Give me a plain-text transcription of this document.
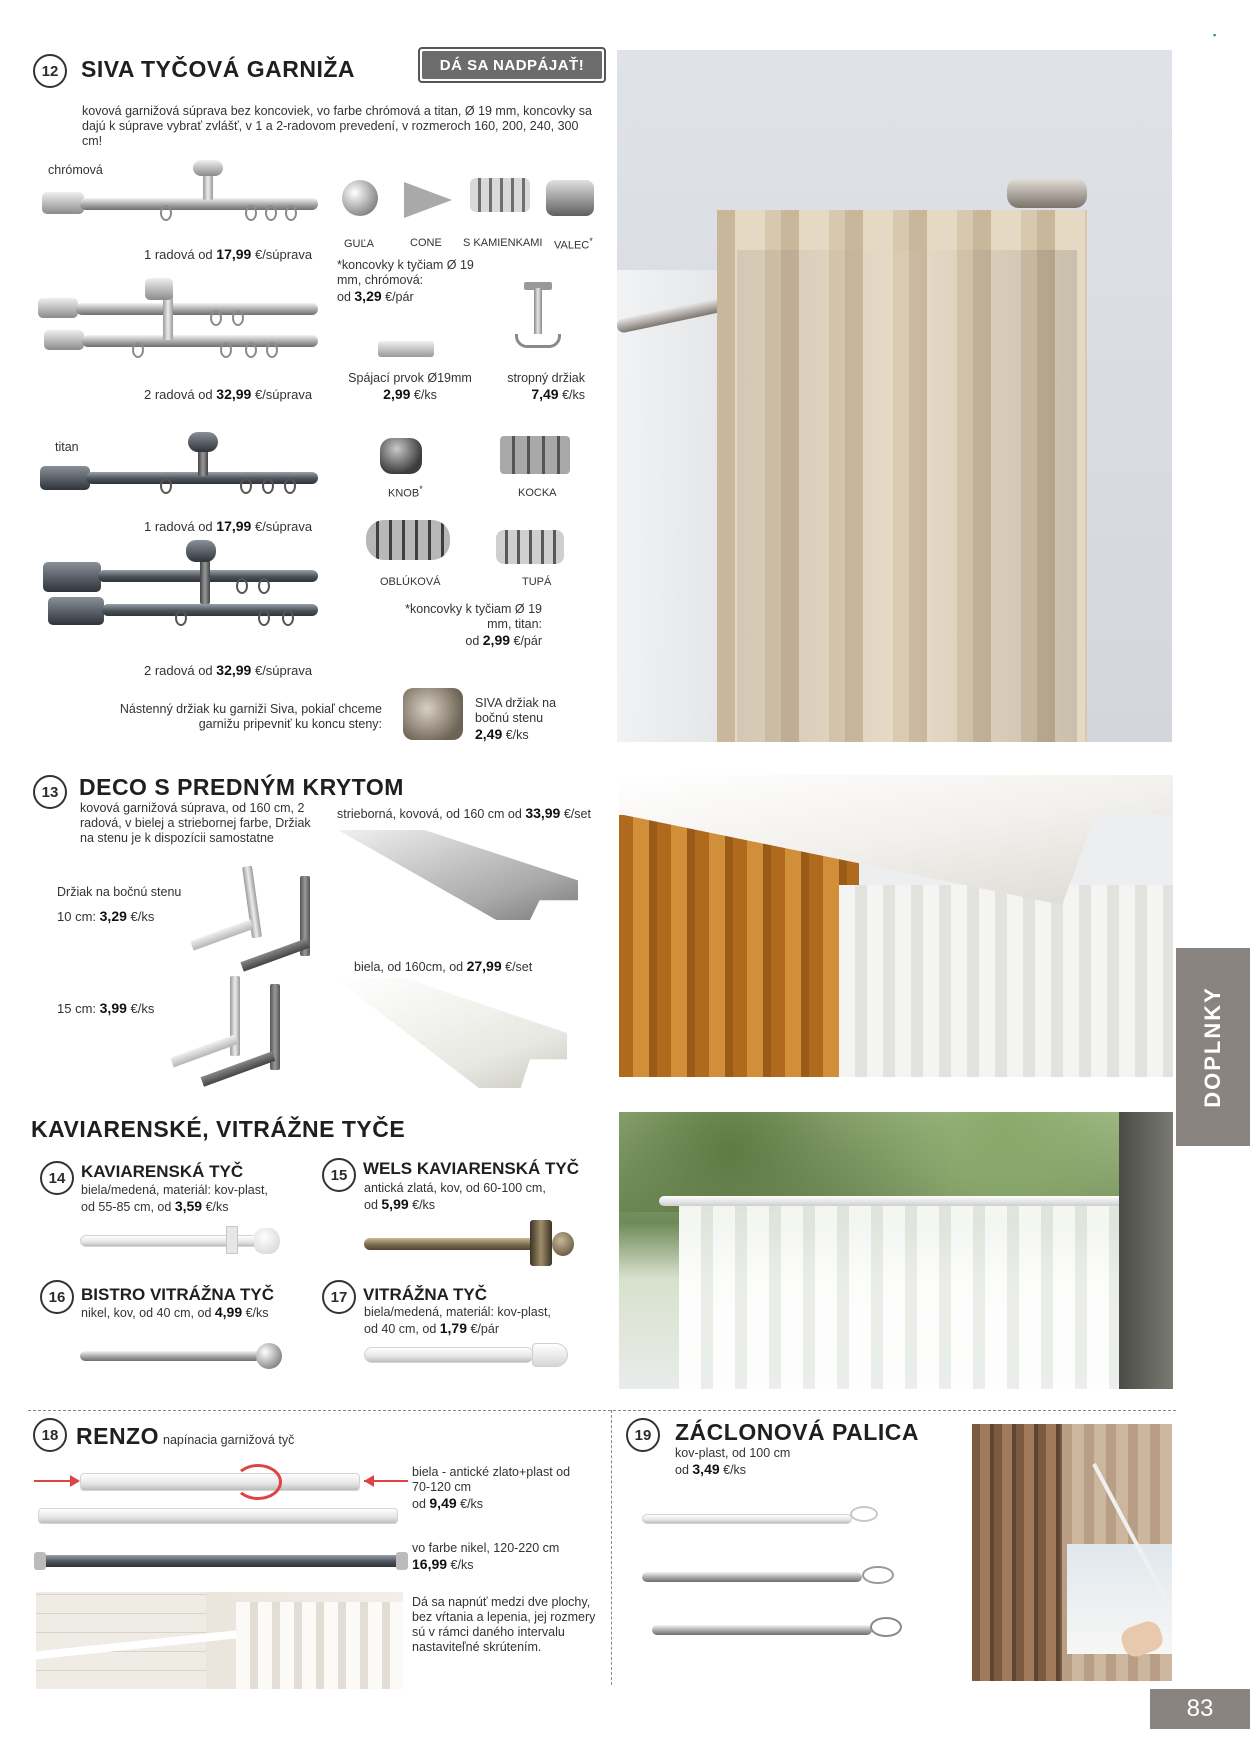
▪
12 SIVA TYČOVÁ GARNIŽA	DÁ SA NADPÁJAŤ!
kovová garnižová súprava bez koncoviek, vo farbe chrómová a titan, Ø 19 mm, koncovky sa dajú k súprave vybrať zvlášť, v 1 a 2-radovom prevedení, v rozmeroch 160, 200, 240, 300 cm!
chrómová
1 radová od 17,99 €/súprava
2 radová od 32,99 €/súprava
titan
1 radová od 17,99 €/súprava
2 radová od 32,99 €/súprava
GUĽA	CONE S KAMIENKAMI VALEC*
*koncovky k tyčiam Ø 19 mm, chrómová:
od 3,29 €/pár
Spájací prvok Ø19mm
2,99 €/ks
stropný držiak
7,49 €/ks
KNOB*	KOCKA
OBLÚKOVÁ	TUPÁ
*koncovky k tyčiam Ø 19 mm, titan:
od 2,99 €/pár
Nástenný držiak ku garniži Siva, pokiaľ chceme garnižu pripevniť ku koncu steny:
SIVA držiak na bočnú stenu
2,49 €/ks
13 DECO S PREDNÝM KRYTOM
kovová garnižová súprava, od 160 cm, 2 radová, v bielej a striebornej farbe, Držiak na stenu je k dispozícii samostatne
strieborná, kovová, od 160 cm od 33,99 €/set
biela, od 160cm, od 27,99 €/set
Držiak na bočnú stenu
10 cm: 3,29 €/ks
15 cm: 3,99 €/ks
KAVIARENSKÉ, VITRÁŽNE TYČE
14 KAVIARENSKÁ TYČ
biela/medená, materiál: kov-plast,
od 55-85 cm, od 3,59 €/ks
15 WELS KAVIARENSKÁ TYČ
antická zlatá, kov, od 60-100 cm,
od 5,99 €/ks
16 BISTRO VITRÁŽNA TYČ
nikel, kov, od 40 cm, od 4,99 €/ks
17 VITRÁŽNA TYČ
biela/medená, materiál: kov-plast,
od 40 cm, od 1,79 €/pár
18 RENZO napínacia garnižová tyč
biela - antické zlato+plast od 70-120 cm
od 9,49 €/ks
vo farbe nikel, 120-220 cm
16,99 €/ks
Dá sa napnúť medzi dve plochy, bez vŕtania a lepenia, jej rozmery sú v rámci daného intervalu nastaviteľné skrútením.
19	ZÁCLONOVÁ PALICA
kov-plast, od 100 cm
od 3,49 €/ks
DOPLNKY
83
